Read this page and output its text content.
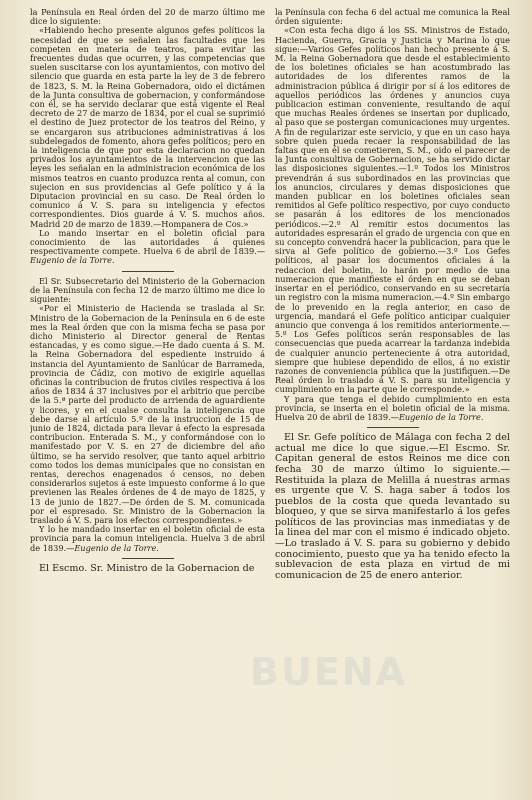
BUENA

la Península en Real órden del 20 de marzo último me dice lo siguiente:

«Habiendo hecho presente algunos gefes políticos la necesidad de que se señalen las facultades que les competen en materia de teatros, para evitar las frecuentes dudas que ocurren, y las competencias que suelen suscitarse con los ayuntamientos, con motivo del silencio que guarda en esta parte la ley de 3 de febrero de 1823, S. M. la Reina Gobernadora, oido el dictámen de la Junta consultiva de gobernacion, y conformándose con él, se ha servido declarar que está vigente el Real decreto de 27 de marzo de 1834, por el cual se suprimió el destino de Juez protector de los teatros del Reino, y se encargaron sus atribuciones administrativas á los subdelegados de fomento, ahora gefes políticos; pero en la inteligencia de que por esta declaracion no quedan privados los ayuntamientos de la intervencion que las leyes les señalan en la administracion económica de los mismos teatros en cuanto produzca renta al comun, con sujecion en sus providencias al Gefe político y á la Diputacion provincial en su caso. De Real órden lo comunico á V. S. para su inteligencia y efectos correspondientes. Dios guarde á V. S. muchos años. Madrid 20 de marzo de 1839.—Hompanera de Cos.»

Lo mando insertar en el boletin oficial para conocimiento de las autoridades á quienes respectivamente compete. Huelva 6 de abril de 1839.—Eugenio de la Torre.

El Sr. Subsecretario del Ministerio de la Gobernacion de la Península con fecha 12 de marzo último me dice lo siguiente:

«Por el Ministerio de Hacienda se traslada al Sr. Ministro de la Gobernacion de la Península en 6 de este mes la Real órden que con la misma fecha se pasa por dicho Ministerio al Director general de Rentas estancadas, y es como sigue.—He dado cuenta á S. M. la Reina Gobernadora del espediente instruido á instancia del Ayuntamiento de Sanlúcar de Barrameda, provincia de Cádiz, con motivo de exigirle aquellas oficinas la contribucion de frutos civiles respectiva á los años de 1834 á 37 inclusives por el arbitrio que percibe de la 5.ª parte del producto de arrienda de aguardiente y licores, y en el cualse consulta la inteligencia que debe darse al artículo 5.º de la instruccion de 15 de junio de 1824, dictada para llevar á efecto la espresada contribucion. Enterada S. M., y conformándose con lo manifestado por V. S. en 27 de diciembre del año último, se ha servido resolver, que tanto aquel arbitrio como todos los demas municipales que no consistan en rentas, derechos enagenados ó censos, no deben considerarlos sujetos á este impuesto conforme á lo que previenen las Reales órdenes de 4 de mayo de 1825, y 13 de junio de 1827.—De órden de S. M. comunicada por el espresado. Sr. Ministro de la Gobernacion la traslado á V. S. para los efectos correspondientes.»

Y lo he mandado insertar en el boletin oficial de esta provincia para la comun inteligencia. Huelva 3 de abril de 1839.—Eugenio de la Torre.

El Escmo. Sr. Ministro de la Gobernacion de

la Península con fecha 6 del actual me comunica la Real órden siguiente:

«Con esta fecha digo á los SS. Ministros de Estado, Hacienda, Guerra, Gracia y Justicia y Marina lo que sigue:—Varios Gefes políticos han hecho presente á S. M. la Reina Gobernadora que desde el establecimiento de los boletines oficiales se han acostumbrado las autoridades de los diferentes ramos de la administracion pública á dirigir por sí á los editores de aquellos periódicos las órdenes y anuncios cuya publicacion estiman conveniente, resultando de aquí que muchas Reales órdenes se insertan por duplicado, al paso que se postergan comunicaciones muy urgentes. A fin de regularizar este servicio, y que en un caso haya sobre quien pueda recaer la responsabilidad de las faltas que en él se cometieren, S. M., oido el parecer de la Junta consultiva de Gobernacion, se ha servido dictar las disposiciones siguientes.—1.º Todos los Ministros prevendrán á sus subordinados en las provincias que los anuncios, circulares y demas disposiciones que manden publicar en los boletines oficiales sean remitidos al Gefe político respectivo, por cuyo conducto se pasarán á los editores de los mencionados periódicos.—2.º Al remitir estos documentos las autoridades espresarán el grado de urgencia con que en su concepto convendrá hacer la publicacion, para que le sirva al Gefe político de gobierno.—3.º Los Gefes políticos, al pasar los documentos oficiales á la redaccion del boletin, lo harán por medio de una numeracion que manifieste el órden en que se deban insertar en el periódico, conservando en su secretaría un registro con la misma numeracion.—4.º Sin embargo de lo prevenido en la regla anterior, en caso de urgencia, mandará el Gefe político anticipar cualquier anuncio que convenga á los remitidos anteriormente.—5.º Los Gefes políticos serán responsables de las consecuencias que pueda acarrear la tardanza indebida de cualquier anuncio perteneciente á otra autoridad, siempre que hubiese dependido de ellos, á no existir razones de conveniencia pública que la justifiquen.—De Real órden lo traslado á V. S. para su inteligencia y cumplimiento en la parte que le corresponde.»

Y para que tenga el debido cumplimiento en esta provincia, se inserta en el boletin oficial de la misma. Huelva 20 de abril de 1839.—Eugenio de la Torre.

El Sr. Gefe político de Málaga con fecha 2 del actual me dice lo que sigue.—El Escmo. Sr. Capitan general de estos Reinos me dice con fecha 30 de marzo último lo siguiente.—Restituida la plaza de Melilla á nuestras armas es urgente que V. S. haga saber á todos los pueblos de la costa que queda levantado su bloqueo, y que se sirva manifestarlo á los gefes políticos de las provincias mas inmediatas y de la linea del mar con el mismo é indicado objeto.—Lo traslado á V. S. para su gobierno y debido conocimiento, puesto que ya ha tenido efecto la sublevacion de esta plaza en virtud de mi comunicacion de 25 de enero anterior.
